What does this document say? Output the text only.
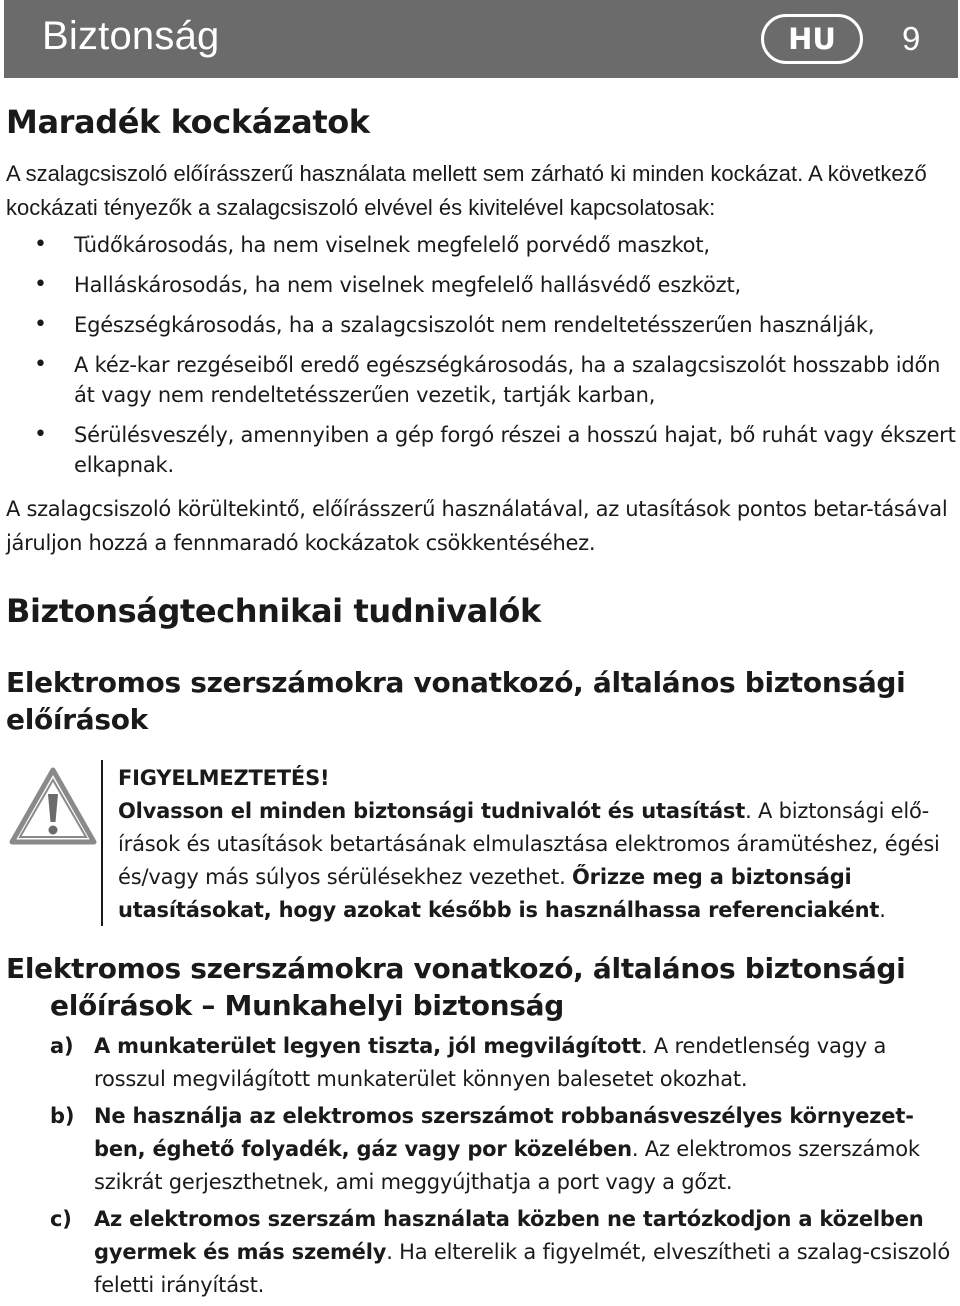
Biztonság	HU	9
Maradék kockázatok
A szalagcsiszoló előírásszerű használata mellett sem zárható ki minden kockázat. A következő kockázati tényezők a szalagcsiszoló elvével és kivitelével kapcsolatosak:
• Tüdőkárosodás, ha nem viselnek megfelelő porvédő maszkot,
• Halláskárosodás, ha nem viselnek megfelelő hallásvédő eszközt,
• Egészségkárosodás, ha a szalagcsiszolót nem rendeltetésszerűen használják,
• A kéz-kar rezgéseiből eredő egészségkárosodás, ha a szalagcsiszolót hosszabb időn át vagy nem rendeltetésszerűen vezetik, tartják karban,
• Sérülésveszély, amennyiben a gép forgó részei a hosszú hajat, bő ruhát vagy ékszert elkapnak.
A szalagcsiszoló körültekintő, előírásszerű használatával, az utasítások pontos betar-tásával járuljon hozzá a fennmaradó kockázatok csökkentéséhez.
Biztonságtechnikai tudnivalók
Elektromos szerszámokra vonatkozó, általános biztonsági előírások
FIGYELMEZTETÉS!
Olvasson el minden biztonsági tudnivalót és utasítást. A biztonsági elő-írások és utasítások betartásának elmulasztása elektromos áramütéshez, égési és/vagy más súlyos sérülésekhez vezethet. Őrizze meg a biztonsági utasításokat, hogy azokat később is használhassa referenciaként.
Elektromos szerszámokra vonatkozó, általános biztonsági
előírások – Munkahelyi biztonság
a) A munkaterület legyen tiszta, jól megvilágított. A rendetlenség vagy a rosszul megvilágított munkaterület könnyen balesetet okozhat.
b) Ne használja az elektromos szerszámot robbanásveszélyes környezet-ben, éghető folyadék, gáz vagy por közelében. Az elektromos szerszámok szikrát gerjeszthetnek, ami meggyújthatja a port vagy a gőzt.
c) Az elektromos szerszám használata közben ne tartózkodjon a közelben gyermek és más személy. Ha elterelik a figyelmét, elveszítheti a szalag-csiszoló feletti irányítást.
